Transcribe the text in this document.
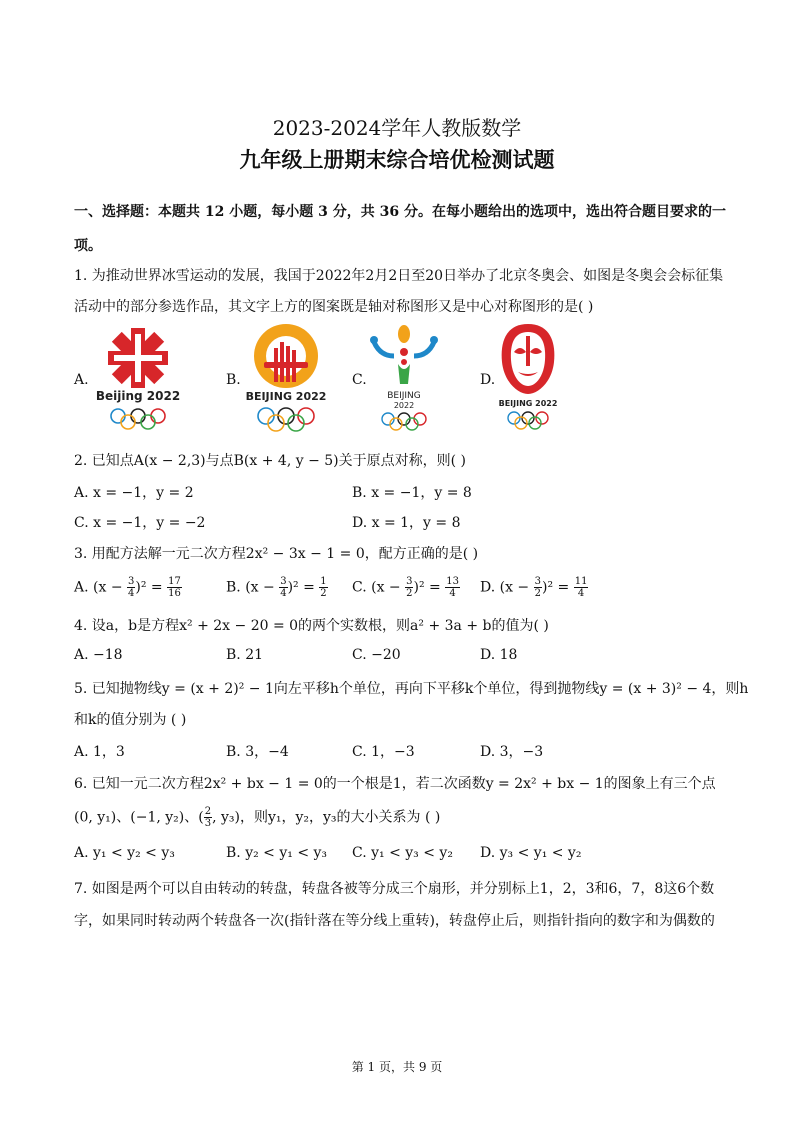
2023-2024学年人教版数学
九年级上册期末综合培优检测试题
一、选择题：本题共 12 小题，每小题 3 分，共 36 分。在每小题给出的选项中，选出符合题目要求的一
项。
1. 为推动世界冰雪运动的发展，我国于2022年2月2日至20日举办了北京冬奥会、如图是冬奥会会标征集
活动中的部分参选作品，其文字上方的图案既是轴对称图形又是中心对称图形的是( )
A.	B.	C.	D.
Beijing 2022	BEIJING 2022	BEIJING
2022	BEIJING 2022
2. 已知点A(x − 2,3)与点B(x + 4, y − 5)关于原点对称，则( )
A. x = −1，y = 2	B. x = −1，y = 8
C. x = −1，y = −2	D. x = 1，y = 8
3. 用配方法解一元二次方程2x² − 3x − 1 = 0，配方正确的是( )
A. $(x - \frac{3}{4} )^2 = \frac{17}{16}$	B. $(x - \frac{3}{4} )^2 = \frac{1}{2} C$. $(x - \frac{3}{2} )^2 = \frac{13}{4} D$. $(x - \frac{3}{2} )^2 = \frac{11}{4}$
4. 设a，b是方程x² + 2x − 20 = 0的两个实数根，则a² + 3a + b的值为( )
A. −18	B. 21	C. −20	D. 18
5. 已知抛物线y = (x + 2)² − 1向左平移h个单位，再向下平移k个单位，得到抛物线y = (x + 3)² − 4，则h
和k的值分别为 ( )
A. 1，3	B. 3，−4	C. 1，−3	D. 3，−3
6. 已知一元二次方程2x² + bx − 1 = 0的一个根是1，若二次函数y = 2x² + bx − 1的图象上有三个点
(0, y₁)、(−1, y₂)、( $\frac{2}{3}$ , y₃)，则y₁，y₂，y₃的大小关系为 ( )
A. y₁ < y₂ < y₃	B. y₂ < y₁ < y₃ C. y₁ < y₃ < y₂ D. y₃ < y₁ < y₂
7. 如图是两个可以自由转动的转盘，转盘各被等分成三个扇形，并分别标上1，2，3和6，7，8这6个数
字，如果同时转动两个转盘各一次(指针落在等分线上重转)，转盘停止后，则指针指向的数字和为偶数的
第 1 页，共 9 页
